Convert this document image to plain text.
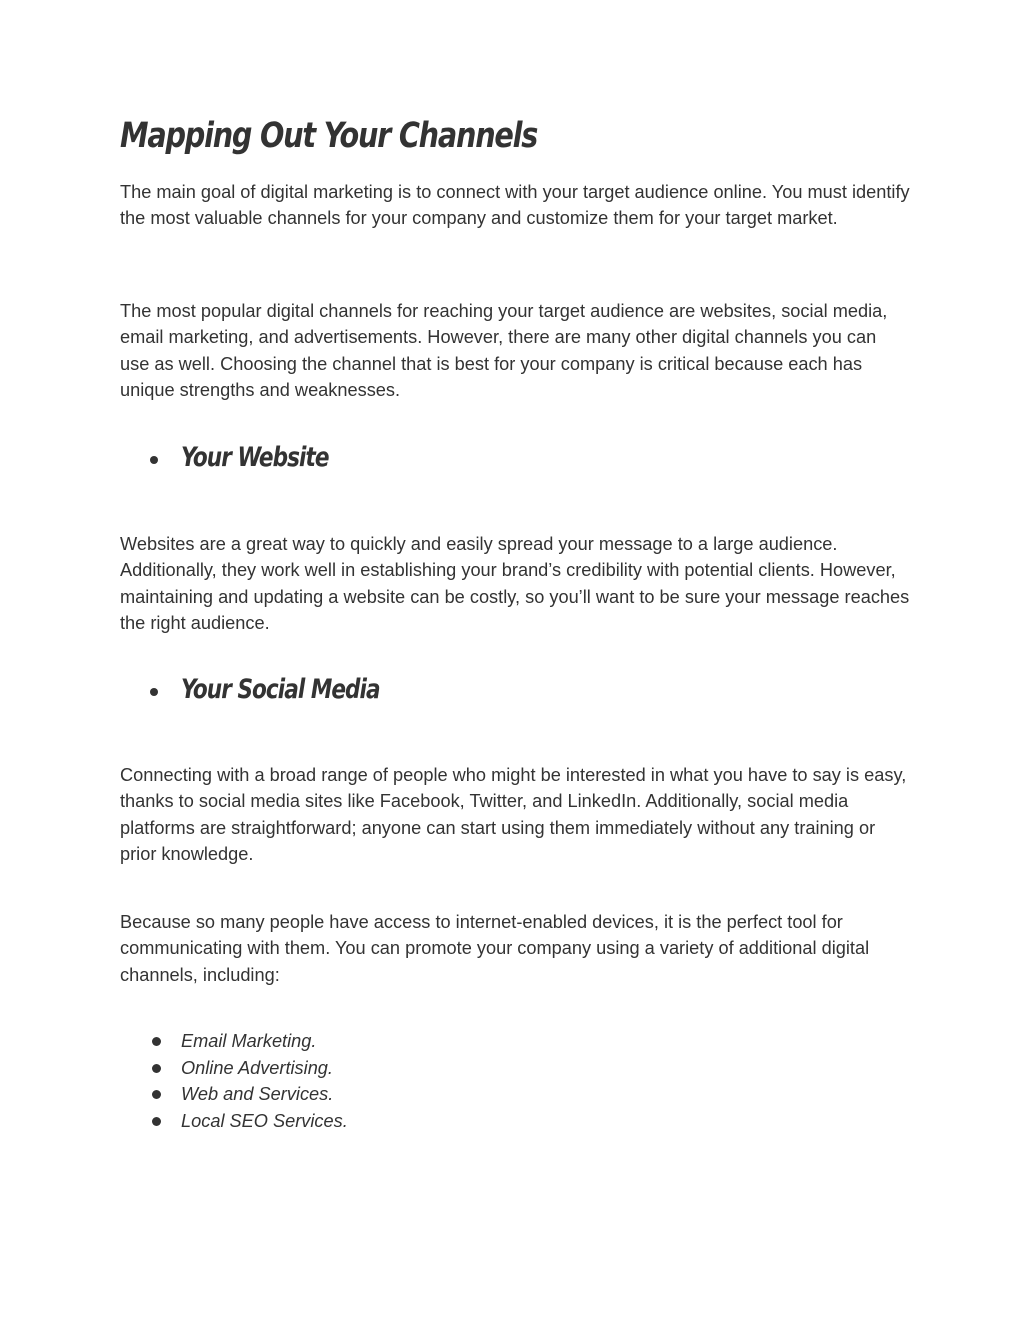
Mapping Out Your Channels

The main goal of digital marketing is to connect with your target audience online. You must identify the most valuable channels for your company and customize them for your target market.

The most popular digital channels for reaching your target audience are websites, social media, email marketing, and advertisements. However, there are many other digital channels you can use as well. Choosing the channel that is best for your company is critical because each has unique strengths and weaknesses.

Your Website

Websites are a great way to quickly and easily spread your message to a large audience. Additionally, they work well in establishing your brand’s credibility with potential clients. However, maintaining and updating a website can be costly, so you’ll want to be sure your message reaches the right audience.

Your Social Media

Connecting with a broad range of people who might be interested in what you have to say is easy, thanks to social media sites like Facebook, Twitter, and LinkedIn. Additionally, social media platforms are straightforward; anyone can start using them immediately without any training or prior knowledge.

Because so many people have access to internet-enabled devices, it is the perfect tool for communicating with them. You can promote your company using a variety of additional digital channels, including:

Email Marketing.
Online Advertising.
Web and Services.
Local SEO Services.
